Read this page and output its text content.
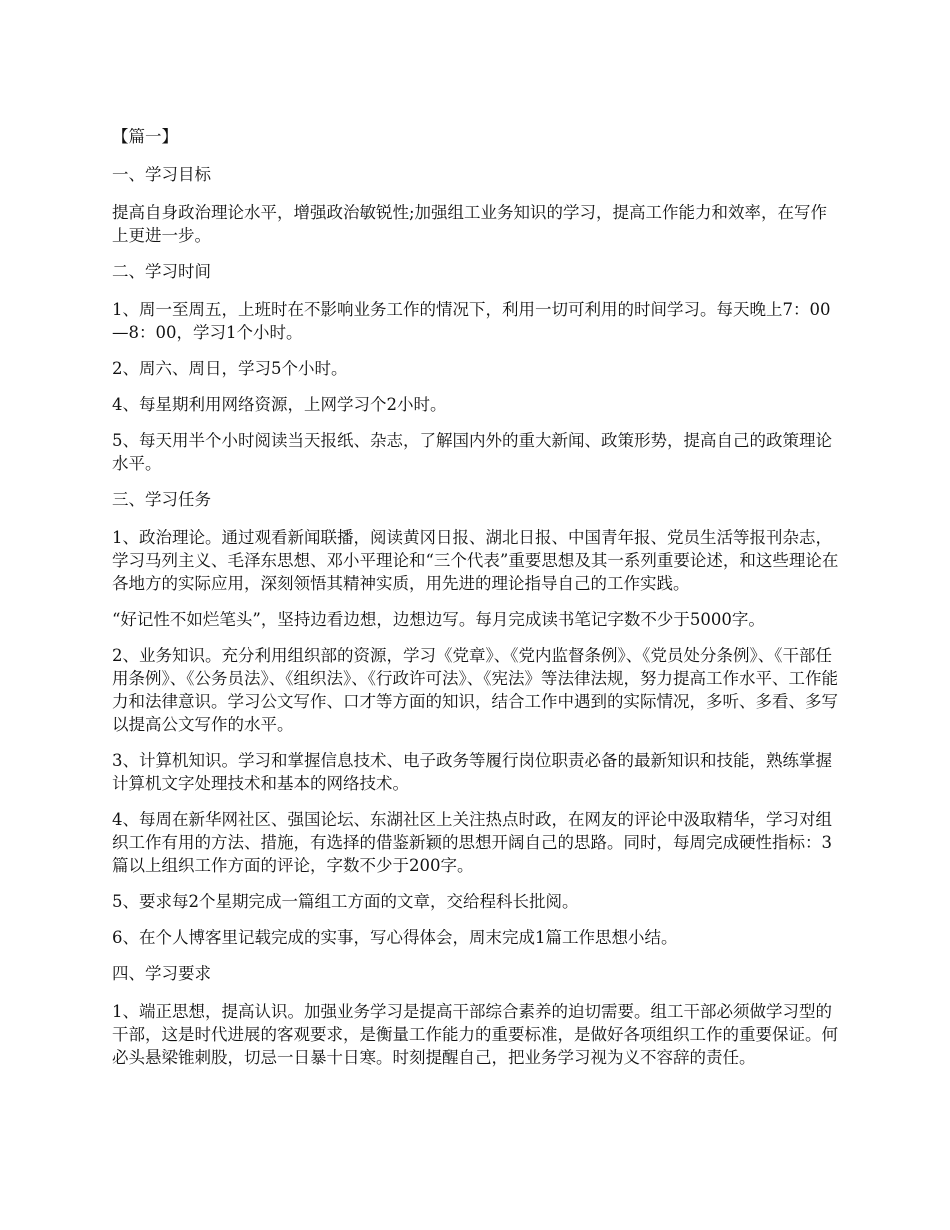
【篇一】

一、学习目标

提高自身政治理论水平，增强政治敏锐性;加强组工业务知识的学习，提高工作能力和效率，在写作上更进一步。

二、学习时间

1、周一至周五，上班时在不影响业务工作的情况下，利用一切可利用的时间学习。每天晚上7：00—8：00，学习1个小时。

2、周六、周日，学习5个小时。

4、每星期利用网络资源，上网学习个2小时。

5、每天用半个小时阅读当天报纸、杂志，了解国内外的重大新闻、政策形势，提高自己的政策理论水平。

三、学习任务

1、政治理论。通过观看新闻联播，阅读黄冈日报、湖北日报、中国青年报、党员生活等报刊杂志，学习马列主义、毛泽东思想、邓小平理论和“三个代表”重要思想及其一系列重要论述，和这些理论在各地方的实际应用，深刻领悟其精神实质，用先进的理论指导自己的工作实践。

“好记性不如烂笔头”，坚持边看边想，边想边写。每月完成读书笔记字数不少于5000字。

2、业务知识。充分利用组织部的资源，学习《党章》、《党内监督条例》、《党员处分条例》、《干部任用条例》、《公务员法》、《组织法》、《行政许可法》、《宪法》等法律法规，努力提高工作水平、工作能力和法律意识。学习公文写作、口才等方面的知识，结合工作中遇到的实际情况，多听、多看、多写以提高公文写作的水平。

3、计算机知识。学习和掌握信息技术、电子政务等履行岗位职责必备的最新知识和技能，熟练掌握计算机文字处理技术和基本的网络技术。

4、每周在新华网社区、强国论坛、东湖社区上关注热点时政，在网友的评论中汲取精华，学习对组织工作有用的方法、措施，有选择的借鉴新颖的思想开阔自己的思路。同时，每周完成硬性指标：3篇以上组织工作方面的评论，字数不少于200字。

5、要求每2个星期完成一篇组工方面的文章，交给程科长批阅。

6、在个人博客里记载完成的实事，写心得体会，周末完成1篇工作思想小结。

四、学习要求

1、端正思想，提高认识。加强业务学习是提高干部综合素养的迫切需要。组工干部必须做学习型的干部，这是时代进展的客观要求，是衡量工作能力的重要标准，是做好各项组织工作的重要保证。何必头悬梁锥刺股，切忌一日暴十日寒。时刻提醒自己，把业务学习视为义不容辞的责任。
